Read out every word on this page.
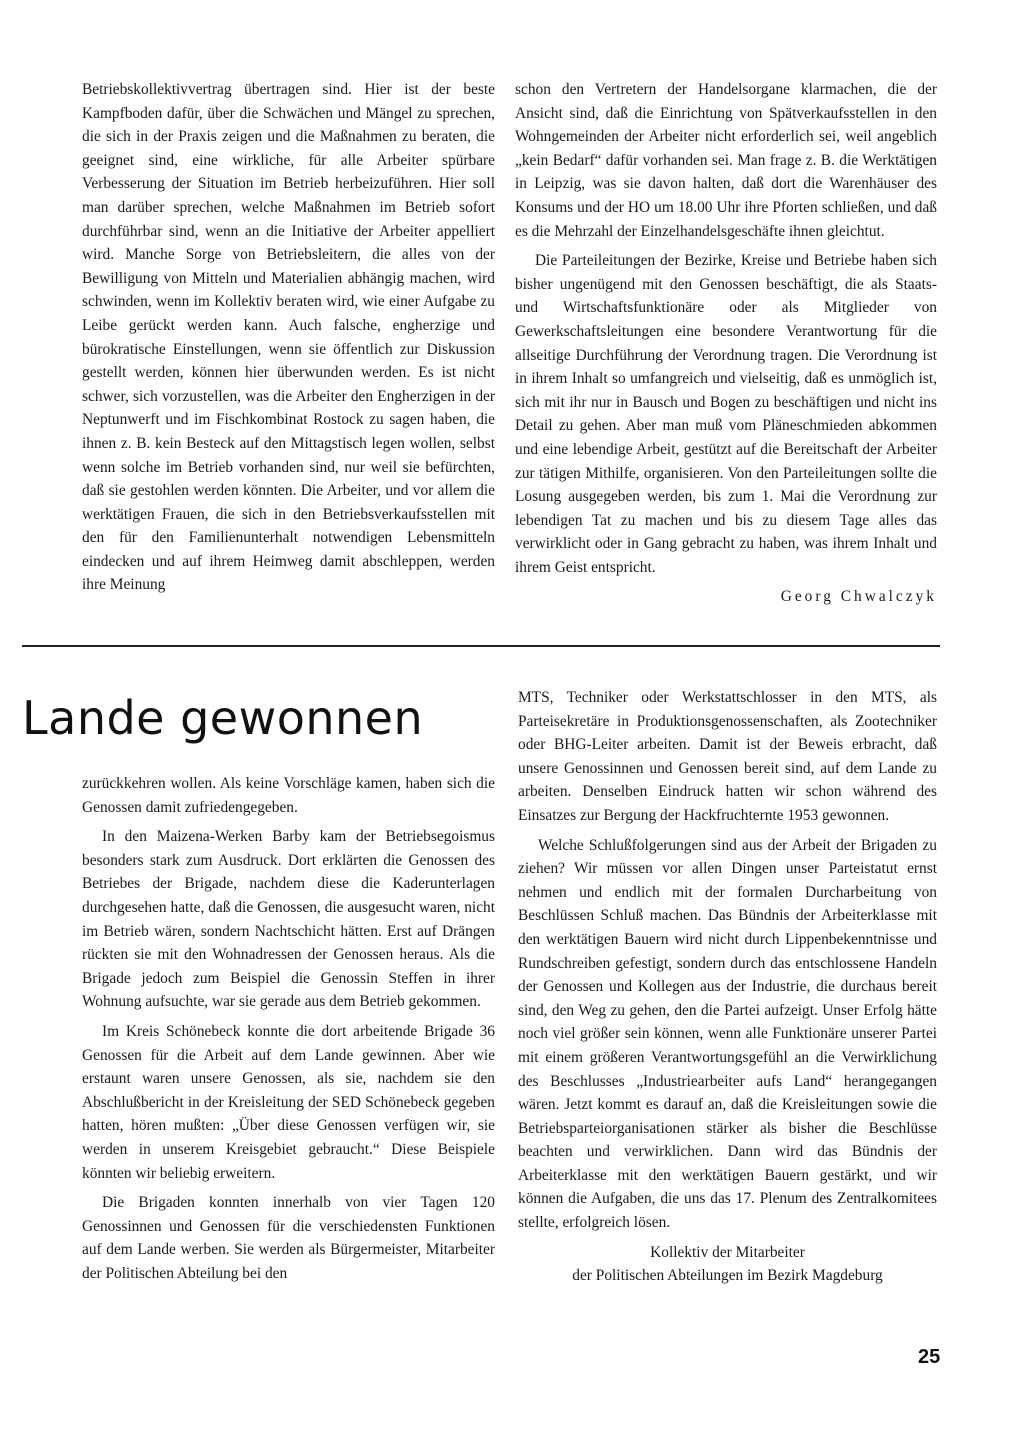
Betriebskollektivvertrag übertragen sind. Hier ist der beste Kampfboden dafür, über die Schwächen und Mängel zu sprechen, die sich in der Praxis zeigen und die Maßnahmen zu beraten, die geeignet sind, eine wirkliche, für alle Arbeiter spürbare Verbesserung der Situation im Betrieb herbeizuführen. Hier soll man darüber sprechen, welche Maßnahmen im Betrieb sofort durchführbar sind, wenn an die Initiative der Arbeiter appelliert wird. Manche Sorge von Betriebsleitern, die alles von der Bewilligung von Mitteln und Materialien abhängig machen, wird schwinden, wenn im Kollektiv beraten wird, wie einer Aufgabe zu Leibe gerückt werden kann. Auch falsche, engherzige und bürokratische Einstellungen, wenn sie öffentlich zur Diskussion gestellt werden, können hier überwunden werden. Es ist nicht schwer, sich vorzustellen, was die Arbeiter den Engherzigen in der Neptunwerft und im Fischkombinat Rostock zu sagen haben, die ihnen z. B. kein Besteck auf den Mittagstisch legen wollen, selbst wenn solche im Betrieb vorhanden sind, nur weil sie befürchten, daß sie gestohlen werden könnten. Die Arbeiter, und vor allem die werktätigen Frauen, die sich in den Betriebsverkaufsstellen mit den für den Familienunterhalt notwendigen Lebensmitteln eindecken und auf ihrem Heimweg damit abschleppen, werden ihre Meinung

schon den Vertretern der Handelsorgane klarmachen, die der Ansicht sind, daß die Einrichtung von Spätverkaufsstellen in den Wohngemeinden der Arbeiter nicht erforderlich sei, weil angeblich „kein Bedarf“ dafür vorhanden sei. Man frage z. B. die Werktätigen in Leipzig, was sie davon halten, daß dort die Warenhäuser des Konsums und der HO um 18.00 Uhr ihre Pforten schließen, und daß es die Mehrzahl der Einzelhandelsgeschäfte ihnen gleichtut.

Die Parteileitungen der Bezirke, Kreise und Betriebe haben sich bisher ungenügend mit den Genossen beschäftigt, die als Staats- und Wirtschaftsfunktionäre oder als Mitglieder von Gewerkschaftsleitungen eine besondere Verantwortung für die allseitige Durchführung der Verordnung tragen. Die Verordnung ist in ihrem Inhalt so umfangreich und vielseitig, daß es unmöglich ist, sich mit ihr nur in Bausch und Bogen zu beschäftigen und nicht ins Detail zu gehen. Aber man muß vom Pläneschmieden abkommen und eine lebendige Arbeit, gestützt auf die Bereitschaft der Arbeiter zur tätigen Mithilfe, organisieren. Von den Parteileitungen sollte die Losung ausgegeben werden, bis zum 1. Mai die Verordnung zur lebendigen Tat zu machen und bis zu diesem Tage alles das verwirklicht oder in Gang gebracht zu haben, was ihrem Inhalt und ihrem Geist entspricht.

Georg Chwalczyk

Lande gewonnen

zurückkehren wollen. Als keine Vorschläge kamen, haben sich die Genossen damit zufriedengegeben.

In den Maizena-Werken Barby kam der Betriebsegoismus besonders stark zum Ausdruck. Dort erklärten die Genossen des Betriebes der Brigade, nachdem diese die Kaderunterlagen durchgesehen hatte, daß die Genossen, die ausgesucht waren, nicht im Betrieb wären, sondern Nachtschicht hätten. Erst auf Drängen rückten sie mit den Wohnadressen der Genossen heraus. Als die Brigade jedoch zum Beispiel die Genossin Steffen in ihrer Wohnung aufsuchte, war sie gerade aus dem Betrieb gekommen.

Im Kreis Schönebeck konnte die dort arbeitende Brigade 36 Genossen für die Arbeit auf dem Lande gewinnen. Aber wie erstaunt waren unsere Genossen, als sie, nachdem sie den Abschlußbericht in der Kreisleitung der SED Schönebeck gegeben hatten, hören mußten: „Über diese Genossen verfügen wir, sie werden in unserem Kreisgebiet gebraucht.“ Diese Beispiele könnten wir beliebig erweitern.

Die Brigaden konnten innerhalb von vier Tagen 120 Genossinnen und Genossen für die verschiedensten Funktionen auf dem Lande werben. Sie werden als Bürgermeister, Mitarbeiter der Politischen Abteilung bei den

MTS, Techniker oder Werkstattschlosser in den MTS, als Parteisekretäre in Produktionsgenossenschaften, als Zootechniker oder BHG-Leiter arbeiten. Damit ist der Beweis erbracht, daß unsere Genossinnen und Genossen bereit sind, auf dem Lande zu arbeiten. Denselben Eindruck hatten wir schon während des Einsatzes zur Bergung der Hackfruchternte 1953 gewonnen.

Welche Schlußfolgerungen sind aus der Arbeit der Brigaden zu ziehen? Wir müssen vor allen Dingen unser Parteistatut ernst nehmen und endlich mit der formalen Durcharbeitung von Beschlüssen Schluß machen. Das Bündnis der Arbeiterklasse mit den werktätigen Bauern wird nicht durch Lippenbekenntnisse und Rundschreiben gefestigt, sondern durch das entschlossene Handeln der Genossen und Kollegen aus der Industrie, die durchaus bereit sind, den Weg zu gehen, den die Partei aufzeigt. Unser Erfolg hätte noch viel größer sein können, wenn alle Funktionäre unserer Partei mit einem größeren Verantwortungsgefühl an die Verwirklichung des Beschlusses „Industriearbeiter aufs Land“ herangegangen wären. Jetzt kommt es darauf an, daß die Kreisleitungen sowie die Betriebsparteiorganisationen stärker als bisher die Beschlüsse beachten und verwirklichen. Dann wird das Bündnis der Arbeiterklasse mit den werktätigen Bauern gestärkt, und wir können die Aufgaben, die uns das 17. Plenum des Zentralkomitees stellte, erfolgreich lösen.

Kollektiv der Mitarbeiter

der Politischen Abteilungen im Bezirk Magdeburg

25
